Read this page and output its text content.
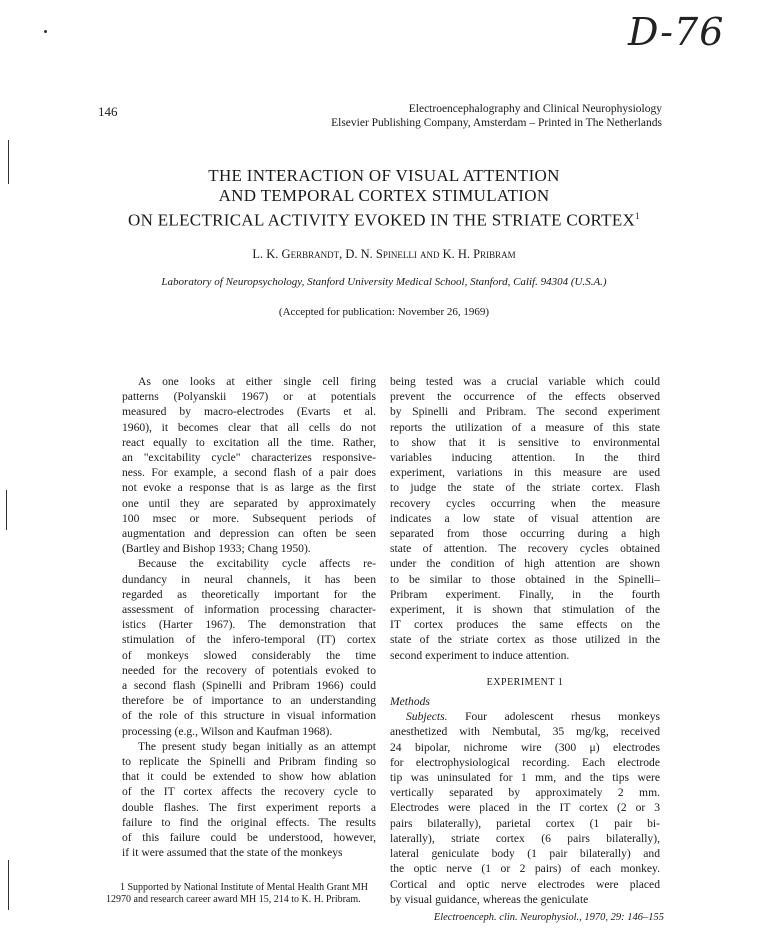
D-76
146	Electroencephalography and Clinical Neurophysiology
Elsevier Publishing Company, Amsterdam – Printed in The Netherlands
THE INTERACTION OF VISUAL ATTENTION
AND TEMPORAL CORTEX STIMULATION
ON ELECTRICAL ACTIVITY EVOKED IN THE STRIATE CORTEX$^1$
L. K. Gerbrandt, D. N. Spinelli and K. H. Pribram
Laboratory of Neuropsychology, Stanford University Medical School, Stanford, Calif. 94304 (U.S.A.)
(Accepted for publication: November 26, 1969)

As one looks at either single cell firing
patterns (Polyanskii 1967) or at potentials
measured by macro-electrodes (Evarts et al.
1960), it becomes clear that all cells do not
react equally to excitation all the time. Rather,
an "excitability cycle" characterizes responsive-
ness. For example, a second flash of a pair does
not evoke a response that is as large as the first
one until they are separated by approximately
100 msec or more. Subsequent periods of
augmentation and depression can often be seen
(Bartley and Bishop 1933; Chang 1950).

Because the excitability cycle affects re-
dundancy in neural channels, it has been
regarded as theoretically important for the
assessment of information processing character-
istics (Harter 1967). The demonstration that
stimulation of the infero-temporal (IT) cortex
of monkeys slowed considerably the time
needed for the recovery of potentials evoked to
a second flash (Spinelli and Pribram 1966) could
therefore be of importance to an understanding
of the role of this structure in visual information
processing (e.g., Wilson and Kaufman 1968).

The present study began initially as an attempt
to replicate the Spinelli and Pribram finding so
that it could be extended to show how ablation
of the IT cortex affects the recovery cycle to
double flashes. The first experiment reports a
failure to find the original effects. The results
of this failure could be understood, however,
if it were assumed that the state of the monkeys

being tested was a crucial variable which could
prevent the occurrence of the effects observed
by Spinelli and Pribram. The second experiment
reports the utilization of a measure of this state
to show that it is sensitive to environmental
variables inducing attention. In the third
experiment, variations in this measure are used
to judge the state of the striate cortex. Flash
recovery cycles occurring when the measure
indicates a low state of visual attention are
separated from those occurring during a high
state of attention. The recovery cycles obtained
under the condition of high attention are shown
to be similar to those obtained in the Spinelli–
Pribram experiment. Finally, in the fourth
experiment, it is shown that stimulation of the
IT cortex produces the same effects on the
state of the striate cortex as those utilized in the
second experiment to induce attention.

EXPERIMENT 1
Methods

Subjects. Four adolescent rhesus monkeys
anesthetized with Nembutal, 35 mg/kg, received
24 bipolar, nichrome wire (300 μ) electrodes
for electrophysiological recording. Each electrode
tip was uninsulated for 1 mm, and the tips were
vertically separated by approximately 2 mm.
Electrodes were placed in the IT cortex (2 or 3
pairs bilaterally), parietal cortex (1 pair bi-
laterally), striate cortex (6 pairs bilaterally),
lateral geniculate body (1 pair bilaterally) and
the optic nerve (1 or 2 pairs) of each monkey.
Cortical and optic nerve electrodes were placed
by visual guidance, whereas the geniculate

1 Supported by National Institute of Mental Health Grant MH 12970 and research career award MH 15, 214 to K. H. Pribram.

Electroenceph. clin. Neurophysiol., 1970, 29: 146–155
